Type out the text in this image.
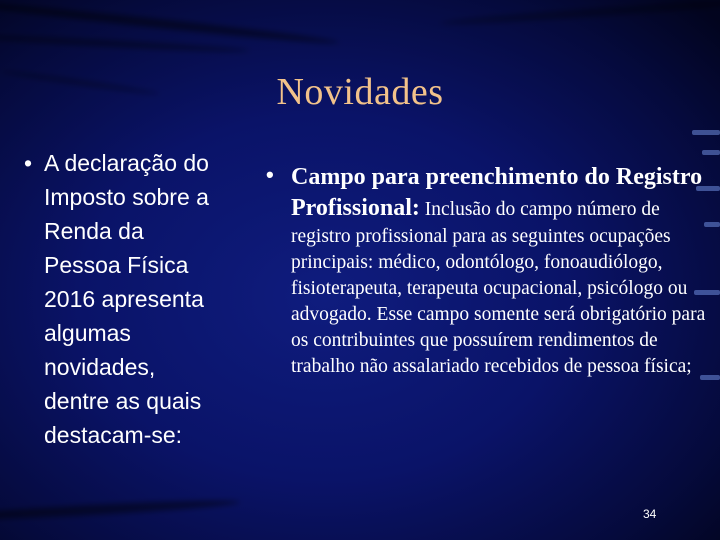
Novidades
• A declaração do Imposto sobre a Renda da Pessoa Física 2016 apresenta algumas novidades, dentre as quais destacam-se:
• Campo para preenchimento do Registro Profissional: Inclusão do campo número de registro profissional para as seguintes ocupações principais: médico, odontólogo, fonoaudiólogo, fisioterapeuta, terapeuta ocupacional, psicólogo ou advogado. Esse campo somente será obrigatório para os contribuintes que possuírem rendimentos de trabalho não assalariado recebidos de pessoa física;
34
